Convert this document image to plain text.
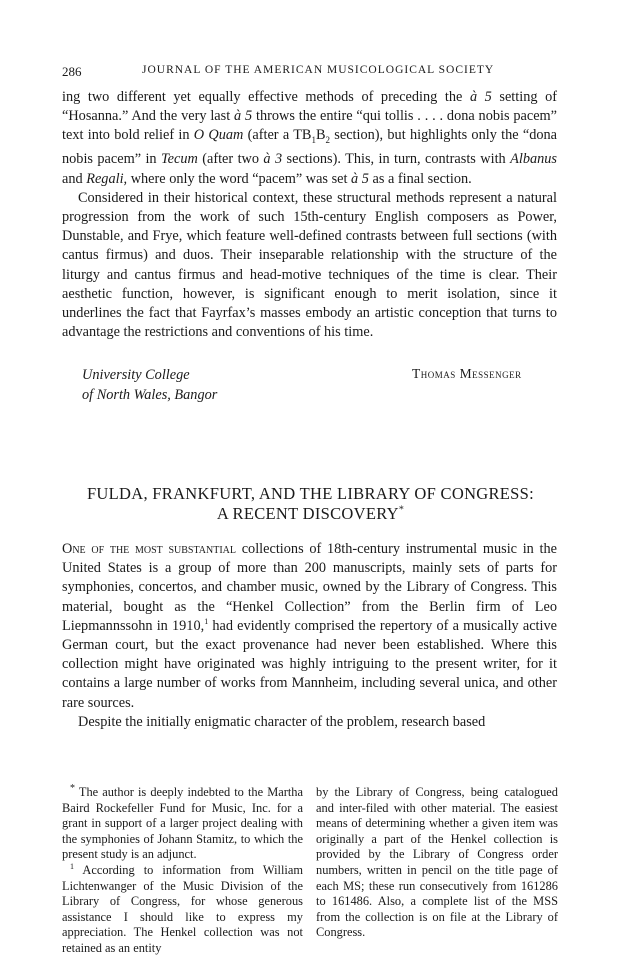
286	JOURNAL OF THE AMERICAN MUSICOLOGICAL SOCIETY

ing two different yet equally effective methods of preceding the à 5 setting of “Hosanna.” And the very last à 5 throws the entire “qui tollis . . . . dona nobis pacem” text into bold relief in O Quam (after a $TB_1B_2$ section), but highlights only the “dona nobis pacem” in Tecum (after two à 3 sections). This, in turn, contrasts with Albanus and Regali, where only the word “pacem” was set à 5 as a final section.

Considered in their historical context, these structural methods represent a natural progression from the work of such 15th-century English composers as Power, Dunstable, and Frye, which feature well-defined contrasts between full sections (with cantus firmus) and duos. Their inseparable relationship with the structure of the liturgy and cantus firmus and head-motive techniques of the time is clear. Their aesthetic function, however, is significant enough to merit isolation, since it underlines the fact that Fayrfax’s masses embody an artistic conception that turns to advantage the restrictions and conventions of his time.

University College
of North Wales, Bangor
Thomas Messenger
FULDA, FRANKFURT, AND THE LIBRARY OF CONGRESS:
A RECENT DISCOVERY*

One of the most substantial collections of 18th-century instrumental music in the United States is a group of more than 200 manuscripts, mainly sets of parts for symphonies, concertos, and chamber music, owned by the Library of Congress. This material, bought as the “Henkel Collection” from the Berlin firm of Leo Liepmannssohn in 1910,$^1$ had evidently comprised the repertory of a musically active German court, but the exact provenance had never been established. Where this collection might have originated was highly intriguing to the present writer, for it contains a large number of works from Mannheim, including several unica, and other rare sources.

Despite the initially enigmatic character of the problem, research based

* The author is deeply indebted to the Martha Baird Rockefeller Fund for Music, Inc. for a grant in support of a larger project dealing with the symphonies of Johann Stamitz, to which the present study is an adjunct.

$^1$ According to information from William Lichtenwanger of the Music Division of the Library of Congress, for whose generous assistance I should like to express my appreciation. The Henkel collection was not retained as an entity

by the Library of Congress, being catalogued and inter-filed with other material. The easiest means of determining whether a given item was originally a part of the Henkel collection is provided by the Library of Congress order numbers, written in pencil on the title page of each MS; these run consecutively from 161286 to 161486. Also, a complete list of the MSS from the collection is on file at the Library of Congress.
